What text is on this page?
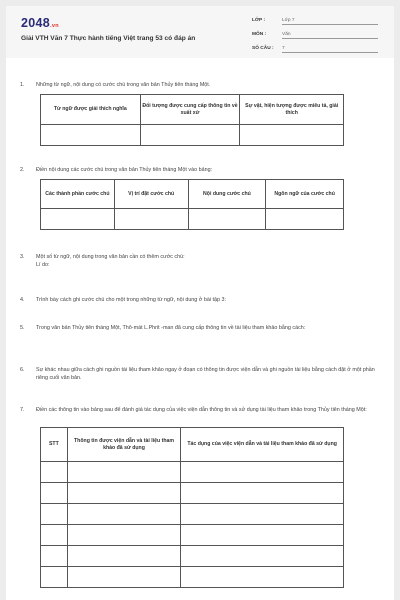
2048.vn
Giải VTH Văn 7 Thực hành tiếng Việt trang 53 có đáp án
LỚP :	Lớp 7
MÔN :	Văn
SỐ CÂU : 7
1.	Những từ ngữ, nội dung có cước chú trong văn bản Thủy tiên tháng Một.
Từ ngữ được giải thích nghĩa	Đối tượng được cung cấp thông tin về xuất xứ	Sự vật, hiện tượng được miêu tả, giải thích

2.	Điền nội dung các cước chú trong văn bản Thủy tiên tháng Một vào bảng:
Các thành phần cước chú	Vị trí đặt cước chú	Nội dung cước chú	Ngôn ngữ của cước chú

3.	Một số từ ngữ, nội dung trong văn bản cần có thêm cước chú:
Lí do:
4.	Trình bày cách ghi cước chú cho một trong những từ ngữ, nội dung ở bài tập 3:
5.	Trong văn bản Thủy tiên tháng Một, Thô-mát L.Phrit -man đã cung cấp thông tin về tài liệu tham khảo bằng cách:
6.	Sự khác nhau giữa cách ghi nguồn tài liệu tham khảo ngay ở đoạn có thông tin được viện dẫn và ghi nguồn tài liệu bằng cách đặt ở một phần riêng cuối văn bản.
7.	Điền các thông tin vào bảng sau để đánh giá tác dụng của việc viện dẫn thông tin và sử dụng tài liệu tham khảo trong Thủy tiên tháng Một:
STT	Thông tin được viện dẫn và tài liệu tham khảo đã sử dụng	Tác dụng của việc viện dẫn và tài liệu tham khảo đã sử dụng
